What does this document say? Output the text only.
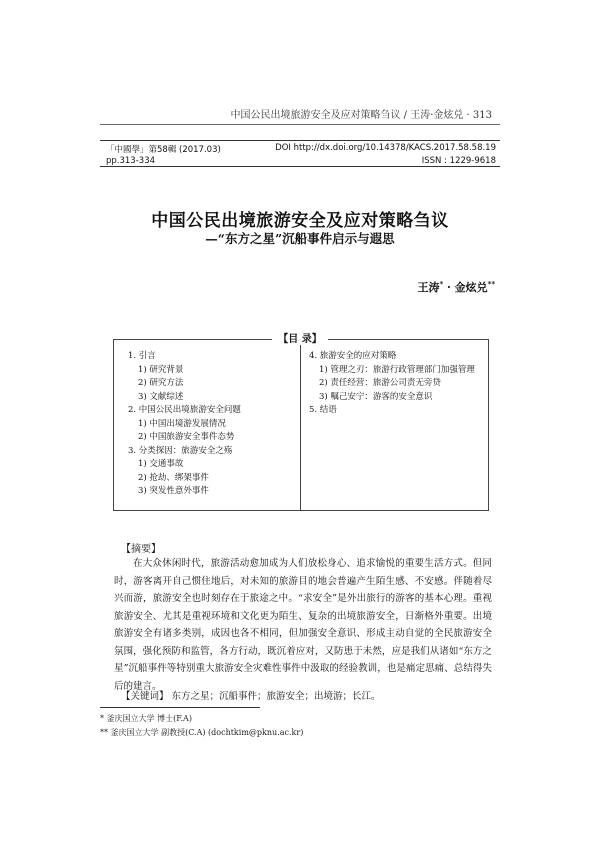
中国公民出境旅游安全及应对策略刍议 / 王涛·金炫兑 · 313
「中國學」第58輯 (2017.03)	DOI http://dx.doi.org/10.14378/KACS.2017.58.58.19
pp.313-334	ISSN : 1229-9618
中国公民出境旅游安全及应对策略刍议
—“东方之星”沉船事件启示与遐思
王涛* · 金炫兑**
1. 引言
1) 研究背景
2) 研究方法
3) 文献综述
2. 中国公民出境旅游安全问题
1) 中国出境游发展情况
2) 中国旅游安全事件态势
3. 分类探因：旅游安全之殇
1) 交通事故
2) 抢劫、绑架事件
3) 突发性意外事件
4. 旅游安全的应对策略
1) 管理之刃：旅游行政管理部门加强管理
2) 责任经营：旅游公司责无旁贷
3) 嘱己安宁：游客的安全意识
5. 结语
【目 录】
【摘要】
在大众休闲时代，旅游活动愈加成为人们放松身心、追求愉悦的重要生活方式。但同时，游客离开自己惯住地后，对未知的旅游目的地会普遍产生陌生感、不安感。伴随着尽兴而游，旅游安全也时刻存在于旅途之中。“求安全”是外出旅行的游客的基本心理。重视旅游安全、尤其是重视环境和文化更为陌生、复杂的出境旅游安全，日渐格外重要。出境旅游安全有诸多类别，成因也各不相同，但加强安全意识、形成主动自觉的全民旅游安全氛围，强化预防和监管，各方行动，既沉着应对，又防患于未然，应是我们从诸如“东方之星”沉船事件等特别重大旅游安全灾难性事件中汲取的经验教训，也是痛定思痛、总结得失后的建言。
【关键词】 东方之星；沉船事件；旅游安全；出境游；长江。
* 釜庆国立大学 博士(F.A)
** 釜庆国立大学 副教授(C.A) (dochtkim@pknu.ac.kr)
